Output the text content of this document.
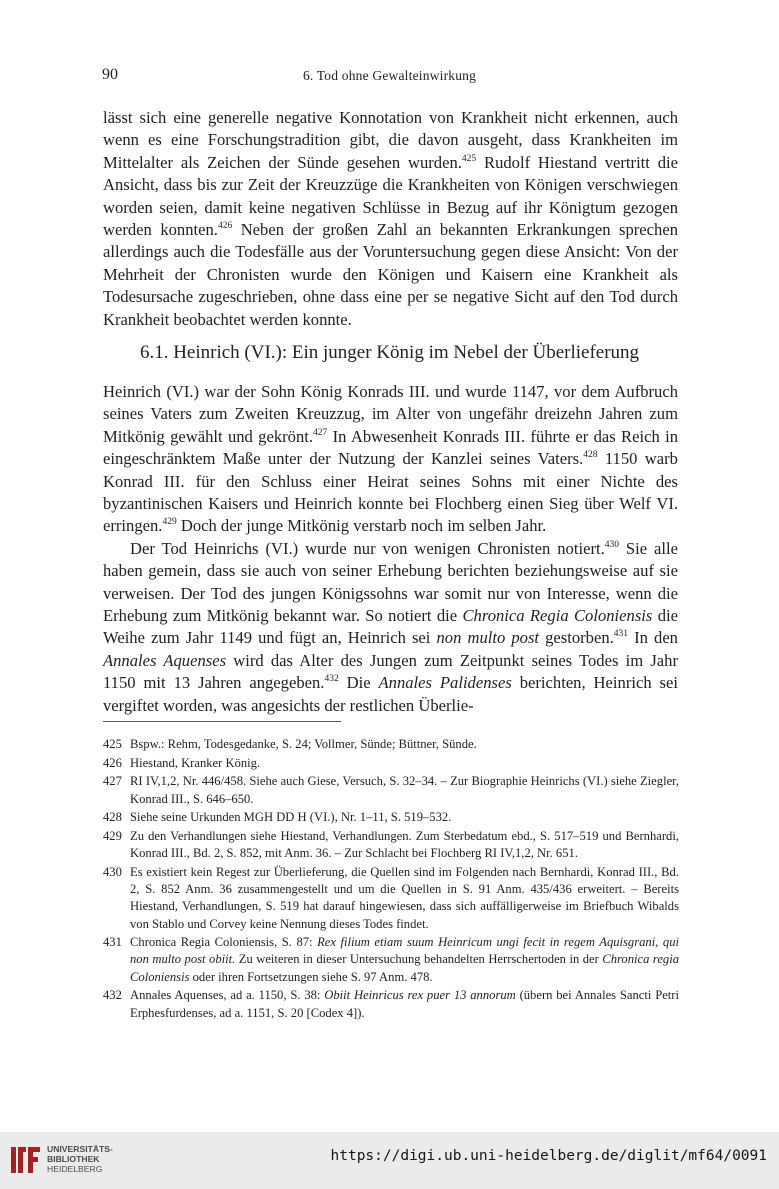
90	6. Tod ohne Gewalteinwirkung

lässt sich eine generelle negative Konnotation von Krankheit nicht erkennen, auch wenn es eine Forschungstradition gibt, die davon ausgeht, dass Krankheiten im Mittelalter als Zeichen der Sünde gesehen wurden.$^{425}$ Rudolf Hiestand vertritt die Ansicht, dass bis zur Zeit der Kreuzzüge die Krankheiten von Königen verschwiegen worden seien, damit keine negativen Schlüsse in Bezug auf ihr Königtum gezogen werden konnten.$^{426}$ Neben der großen Zahl an bekannten Erkrankungen sprechen allerdings auch die Todesfälle aus der Voruntersuchung gegen diese Ansicht: Von der Mehrheit der Chronisten wurde den Königen und Kaisern eine Krankheit als Todesursache zugeschrieben, ohne dass eine per se negative Sicht auf den Tod durch Krankheit beobachtet werden konnte.

6.1. Heinrich (VI.): Ein junger König im Nebel der Überlieferung

Heinrich (VI.) war der Sohn König Konrads III. und wurde 1147, vor dem Aufbruch seines Vaters zum Zweiten Kreuzzug, im Alter von ungefähr dreizehn Jahren zum Mitkönig gewählt und gekrönt.$^{427}$ In Abwesenheit Konrads III. führte er das Reich in eingeschränktem Maße unter der Nutzung der Kanzlei seines Vaters.$^{428}$ 1150 warb Konrad III. für den Schluss einer Heirat seines Sohns mit einer Nichte des byzantinischen Kaisers und Heinrich konnte bei Flochberg einen Sieg über Welf VI. erringen.$^{429}$ Doch der junge Mitkönig verstarb noch im selben Jahr.

Der Tod Heinrichs (VI.) wurde nur von wenigen Chronisten notiert.$^{430}$ Sie alle haben gemein, dass sie auch von seiner Erhebung berichten beziehungsweise auf sie verweisen. Der Tod des jungen Königssohns war somit nur von Interesse, wenn die Erhebung zum Mitkönig bekannt war. So notiert die Chronica Regia Coloniensis die Weihe zum Jahr 1149 und fügt an, Heinrich sei non multo post gestorben.$^{431}$ In den Annales Aquenses wird das Alter des Jungen zum Zeitpunkt seines Todes im Jahr 1150 mit 13 Jahren angegeben.$^{432}$ Die Annales Palidenses berichten, Heinrich sei vergiftet worden, was angesichts der restlichen Überlie-

425 Bspw.: Rehm, Todesgedanke, S. 24; Vollmer, Sünde; Büttner, Sünde.
426 Hiestand, Kranker König.
427 RI IV,1,2, Nr. 446/458. Siehe auch Giese, Versuch, S. 32–34. – Zur Biographie Heinrichs (VI.) siehe Ziegler, Konrad III., S. 646–650.
428 Siehe seine Urkunden MGH DD H (VI.), Nr. 1–11, S. 519–532.
429 Zu den Verhandlungen siehe Hiestand, Verhandlungen. Zum Sterbedatum ebd., S. 517–519 und Bernhardi, Konrad III., Bd. 2, S. 852, mit Anm. 36. – Zur Schlacht bei Flochberg RI IV,1,2, Nr. 651.
430 Es existiert kein Regest zur Überlieferung, die Quellen sind im Folgenden nach Bernhardi, Konrad III., Bd. 2, S. 852 Anm. 36 zusammengestellt und um die Quellen in S. 91 Anm. 435/436 erweitert. – Bereits Hiestand, Verhandlungen, S. 519 hat darauf hingewiesen, dass sich auffälligerweise im Briefbuch Wibalds von Stablo und Corvey keine Nennung dieses Todes findet.
431 Chronica Regia Coloniensis, S. 87: Rex filium etiam suum Heinricum ungi fecit in regem Aquisgrani, qui non multo post obiit. Zu weiteren in dieser Untersuchung behandelten Herrschertoden in der Chronica regia Coloniensis oder ihren Fortsetzungen siehe S. 97 Anm. 478.
432 Annales Aquenses, ad a. 1150, S. 38: Obiit Heinricus rex puer 13 annorum (übern bei Annales Sancti Petri Erphesfurdenses, ad a. 1151, S. 20 [Codex 4]).
UNIVERSITÄTS-
BIBLIOTHEK
HEIDELBERG
https://digi.ub.uni-heidelberg.de/diglit/mf64/0091
